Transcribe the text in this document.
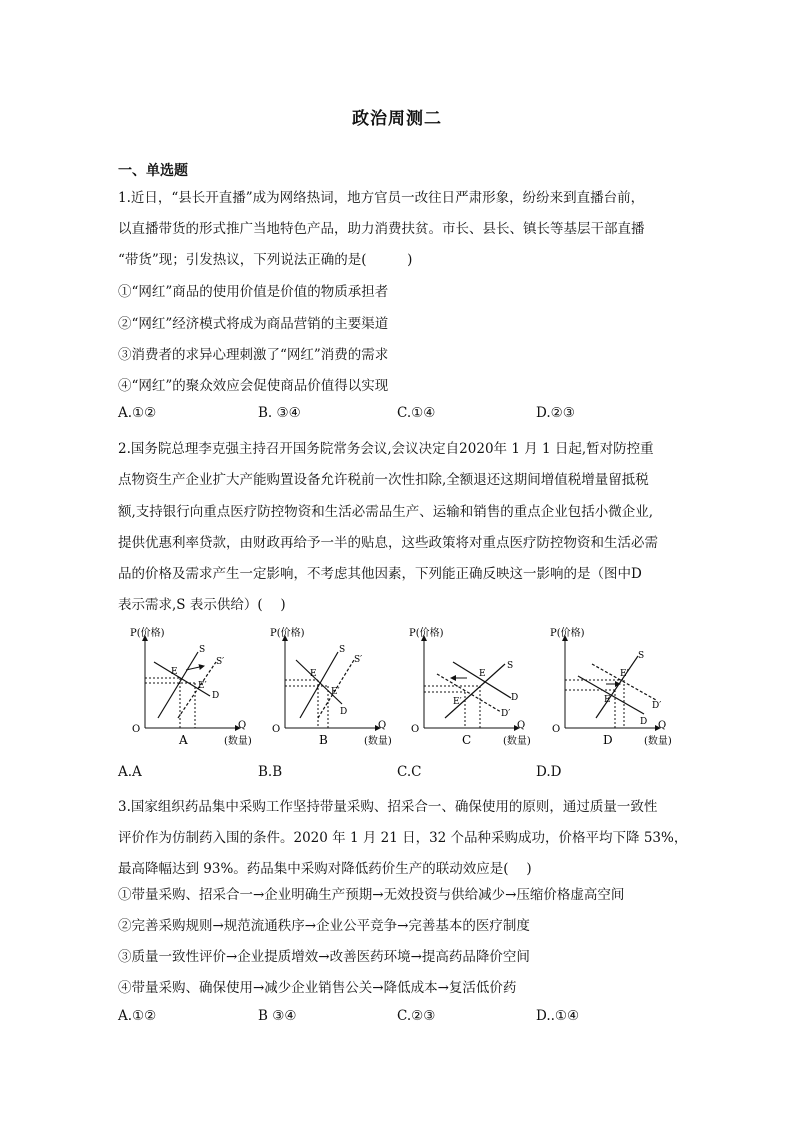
政治周测二
一、单选题
1.近日，“县长开直播”成为网络热词，地方官员一改往日严肃形象，纷纷来到直播台前，
以直播带货的形式推广当地特色产品，助力消费扶贫。市长、县长、镇长等基层干部直播
“带货”现；引发热议，下列说法正确的是(　　　)
①“网红”商品的使用价值是价值的物质承担者
②“网红”经济模式将成为商品营销的主要渠道
③消费者的求异心理刺激了“网红”消费的需求
④“网红”的聚众效应会促使商品价值得以实现
A.①②	B. ③④	C.①④	D.②③
2.国务院总理李克强主持召开国务院常务会议,会议决定自2020年 1 月 1 日起,暂对防控重
点物资生产企业扩大产能购置设备允许税前一次性扣除,全额退还这期间增值税增量留抵税
额,支持银行向重点医疗防控物资和生活必需品生产、运输和销售的重点企业包括小微企业,
提供优惠利率贷款，由财政再给予一半的贴息，这些政策将对重点医疗防控物资和生活必需
品的价格及需求产生一定影响，不考虑其他因素，下列能正确反映这一影响的是（图中D
表示需求,S 表示供给）(　 )
P(价格)
Q
(数量)
O
S
S′
D
E
E′
A
P(价格)
Q
(数量)
O
S
S′
D
E
E′
B
P(价格)
Q
(数量)
O
S
D
D′
E
E′
C
P(价格)
Q
(数量)
O
S
D
D′
E
E′
D
A.A	B.B	C.C	D.D
3.国家组织药品集中采购工作坚持带量采购、招采合一、确保使用的原则，通过质量一致性
评价作为仿制药入围的条件。2020 年 1 月 21 日，32 个品种采购成功，价格平均下降 53%，
最高降幅达到 93%。药品集中采购对降低药价生产的联动效应是(　 )
①带量采购、招采合一→企业明确生产预期→无效投资与供给减少→压缩价格虚高空间
②完善采购规则→规范流通秩序→企业公平竞争→完善基本的医疗制度
③质量一致性评价→企业提质增效→改善医药环境→提高药品降价空间
④带量采购、确保使用→减少企业销售公关→降低成本→复活低价药
A.①②	B ③④	C.②③	D..①④
